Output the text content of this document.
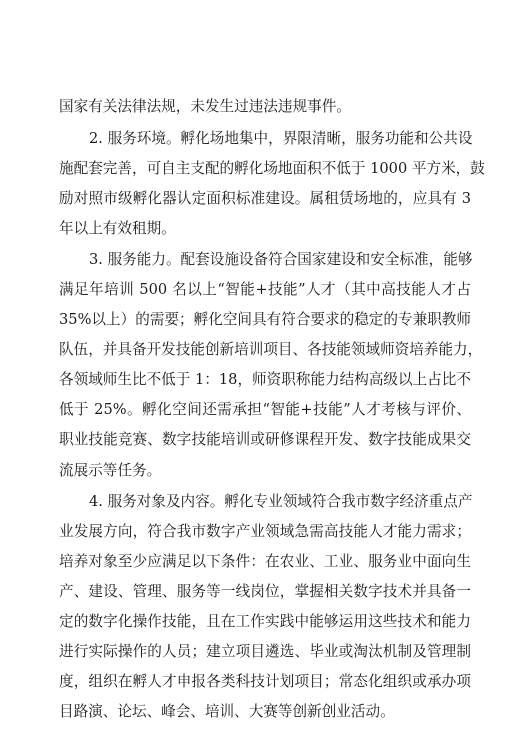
国家有关法律法规，未发生过违法违规事件。
2. 服务环境。孵化场地集中，界限清晰，服务功能和公共设
施配套完善，可自主支配的孵化场地面积不低于 1000 平方米，鼓
励对照市级孵化器认定面积标准建设。属租赁场地的，应具有 3
年以上有效租期。
3. 服务能力。配套设施设备符合国家建设和安全标准，能够
满足年培训 500 名以上“智能+技能”人才（其中高技能人才占
35%以上）的需要；孵化空间具有符合要求的稳定的专兼职教师
队伍，并具备开发技能创新培训项目、各技能领域师资培养能力，
各领域师生比不低于 1：18，师资职称能力结构高级以上占比不
低于 25%。孵化空间还需承担“智能+技能”人才考核与评价、
职业技能竞赛、数字技能培训或研修课程开发、数字技能成果交
流展示等任务。
4. 服务对象及内容。孵化专业领域符合我市数字经济重点产
业发展方向，符合我市数字产业领域急需高技能人才能力需求；
培养对象至少应满足以下条件：在农业、工业、服务业中面向生
产、建设、管理、服务等一线岗位，掌握相关数字技术并具备一
定的数字化操作技能，且在工作实践中能够运用这些技术和能力
进行实际操作的人员；建立项目遴选、毕业或淘汰机制及管理制
度，组织在孵人才申报各类科技计划项目；常态化组织或承办项
目路演、论坛、峰会、培训、大赛等创新创业活动。
